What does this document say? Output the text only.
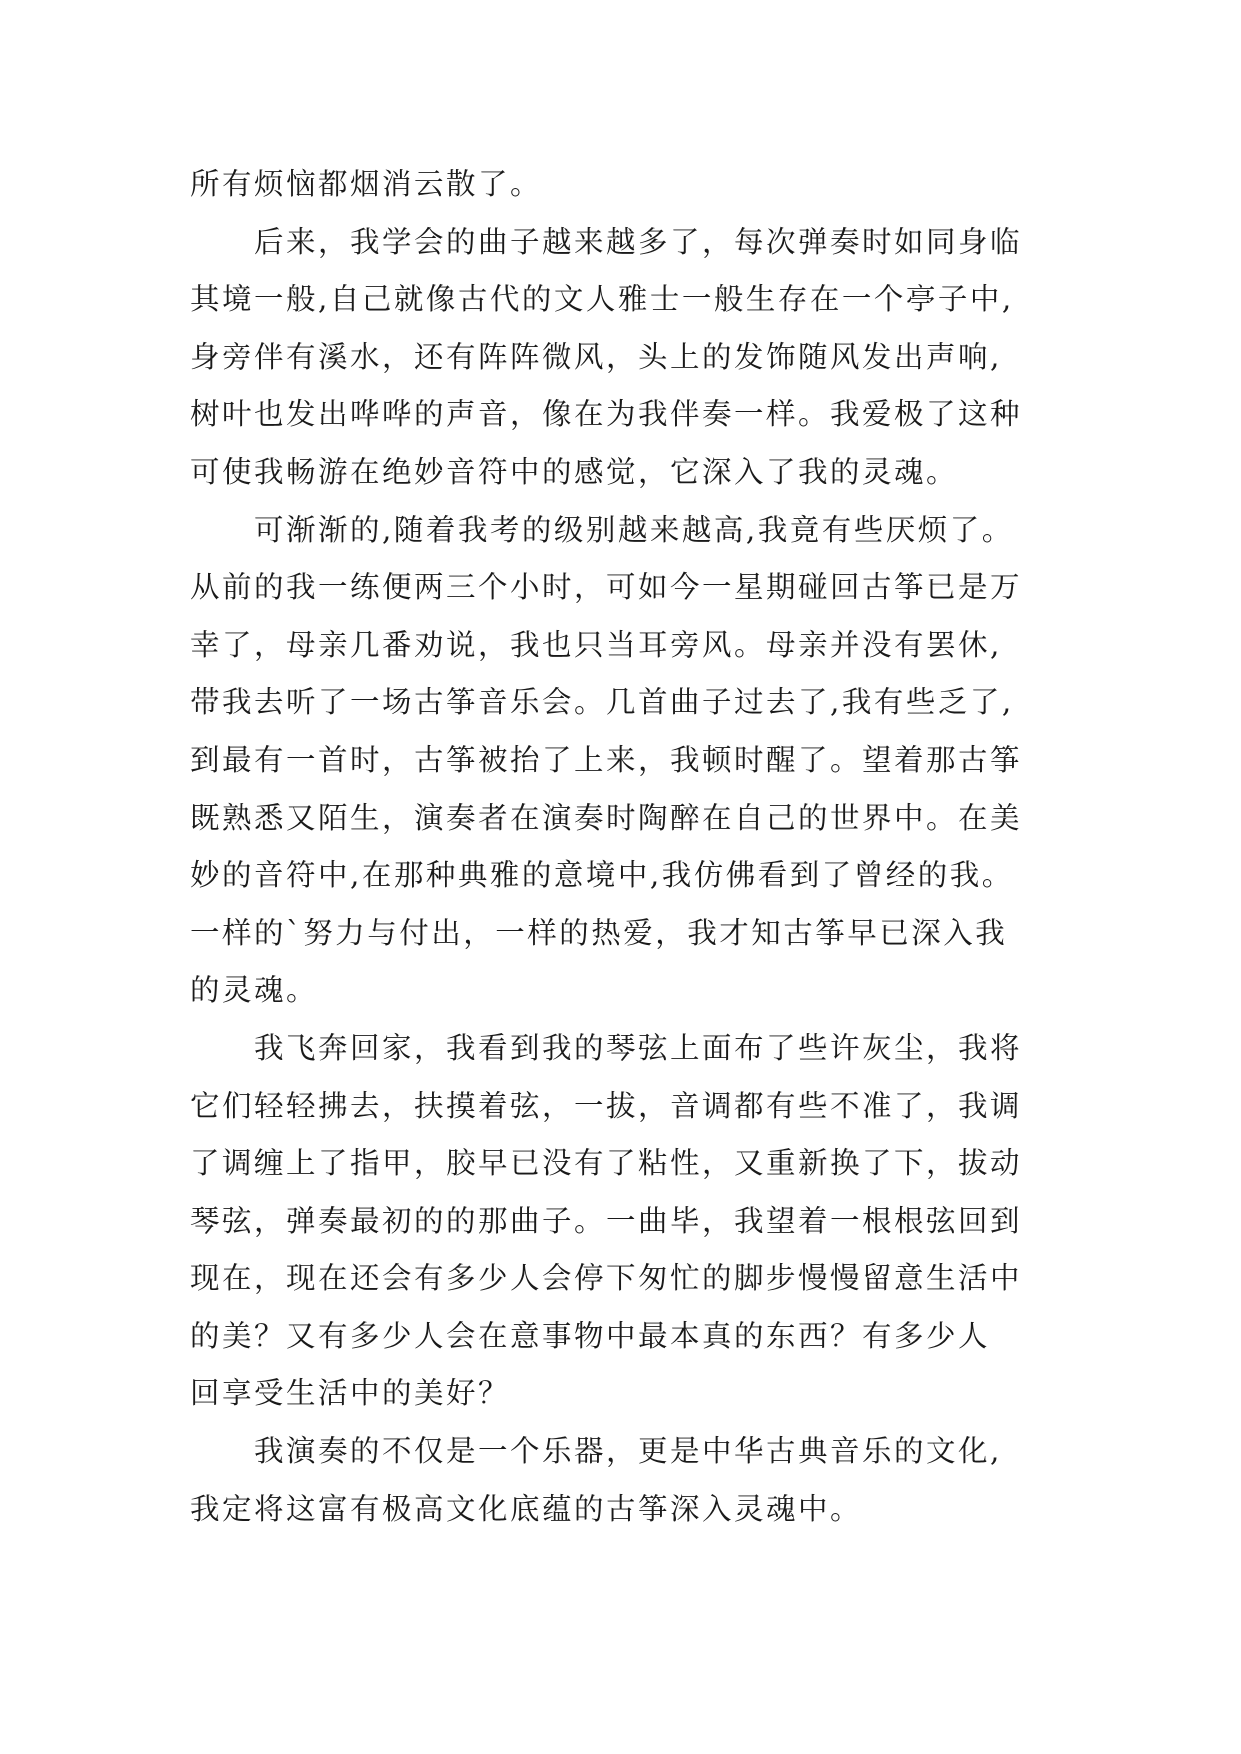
所有烦恼都烟消云散了。
　　后来，我学会的曲子越来越多了，每次弹奏时如同身临
其境一般,自己就像古代的文人雅士一般生存在一个亭子中,
身旁伴有溪水，还有阵阵微风，头上的发饰随风发出声响,
树叶也发出哗哗的声音，像在为我伴奏一样。我爱极了这种
可使我畅游在绝妙音符中的感觉，它深入了我的灵魂。
　　可渐渐的,随着我考的级别越来越高,我竟有些厌烦了。
从前的我一练便两三个小时，可如今一星期碰回古筝已是万
幸了，母亲几番劝说，我也只当耳旁风。母亲并没有罢休,
带我去听了一场古筝音乐会。几首曲子过去了,我有些乏了,
到最有一首时，古筝被抬了上来，我顿时醒了。望着那古筝
既熟悉又陌生，演奏者在演奏时陶醉在自己的世界中。在美
妙的音符中,在那种典雅的意境中,我仿佛看到了曾经的我。
一样的`努力与付出，一样的热爱，我才知古筝早已深入我
的灵魂。
　　我飞奔回家，我看到我的琴弦上面布了些许灰尘，我将
它们轻轻拂去，扶摸着弦，一拔，音调都有些不准了，我调
了调缠上了指甲，胶早已没有了粘性，又重新换了下，拔动
琴弦，弹奏最初的的那曲子。一曲毕，我望着一根根弦回到
现在，现在还会有多少人会停下匆忙的脚步慢慢留意生活中
的美？又有多少人会在意事物中最本真的东西？有多少人
回享受生活中的美好？
　　我演奏的不仅是一个乐器，更是中华古典音乐的文化,
我定将这富有极高文化底蕴的古筝深入灵魂中。
